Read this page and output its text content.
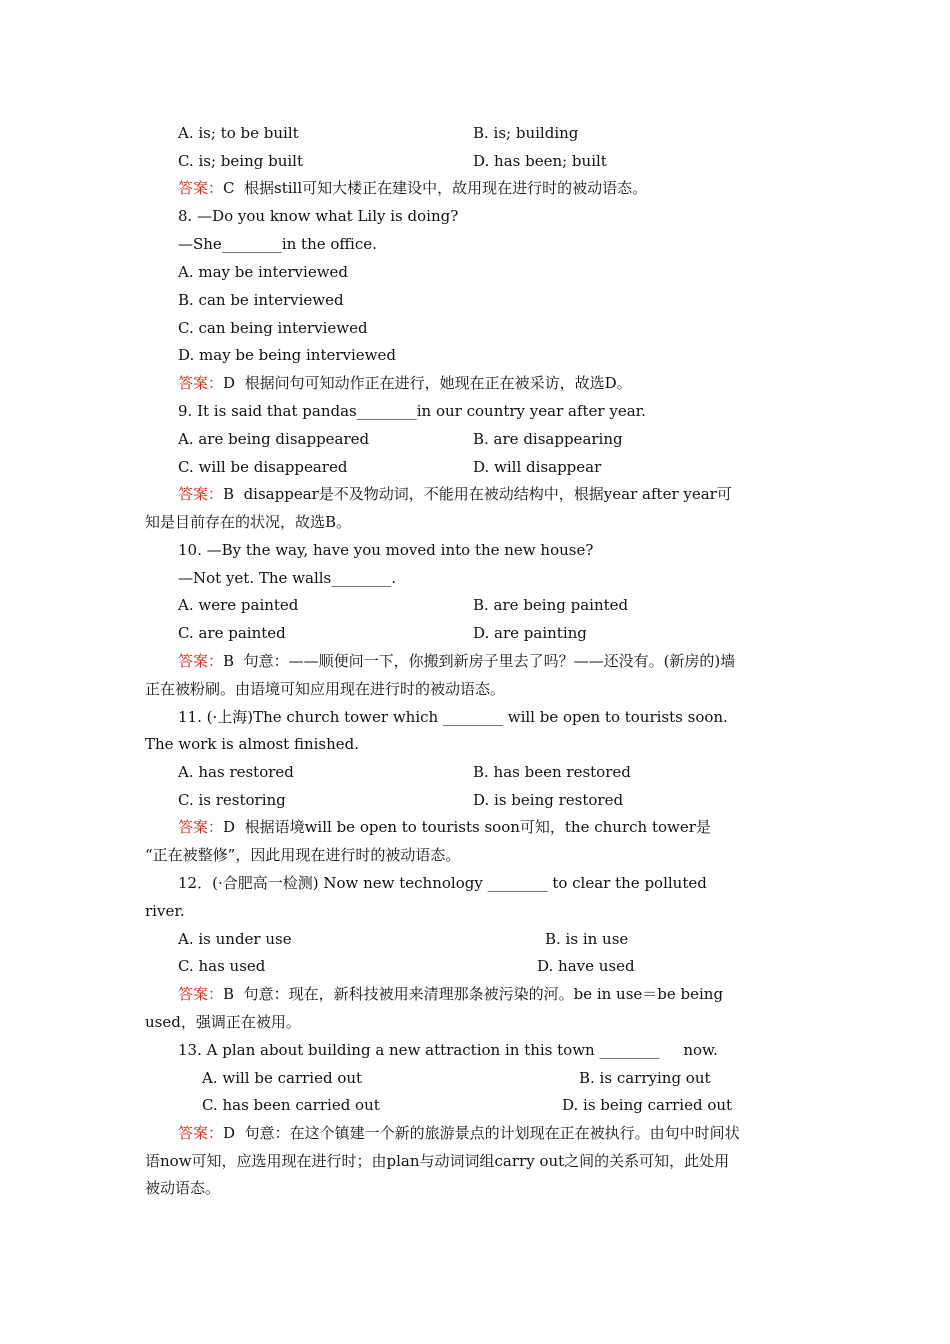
A. is; to be built	B. is; building
C. is; being built	D. has been; built
答案：C  根据still可知大楼正在建设中，故用现在进行时的被动语态。
8. —Do you know what Lily is doing?
—She________in the office.
A. may be interviewed
B. can be interviewed
C. can being interviewed
D. may be being interviewed
答案：D  根据问句可知动作正在进行，她现在正在被采访，故选D。
9. It is said that pandas________in our country year after year.
A. are being disappeared	B. are disappearing
C. will be disappeared	D. will disappear
答案：B  disappear是不及物动词，不能用在被动结构中，根据year after year可
知是目前存在的状况，故选B。
10. —By the way, have you moved into the new house?
—Not yet. The walls________.
A. were painted	B. are being painted
C. are painted	D. are painting
答案：B  句意：——顺便问一下，你搬到新房子里去了吗？——还没有。(新房的)墙
正在被粉刷。由语境可知应用现在进行时的被动语态。
11. (·上海)The church tower which ________ will be open to tourists soon.
The work is almost finished.
A. has restored	B. has been restored
C. is restoring	D. is being restored
答案：D  根据语境will be open to tourists soon可知，the church tower是
“正在被整修”，因此用现在进行时的被动语态。
12．(·合肥高一检测) Now new technology ________ to clear the polluted
river.
A. is under use	B. is in use
C. has used	D. have used
答案：B  句意：现在，新科技被用来清理那条被污染的河。be in use＝be being
used，强调正在被用。
13. A plan about building a new attraction in this town ________     now.
A. will be carried out	B. is carrying out
C. has been carried out	D. is being carried out
答案：D  句意：在这个镇建一个新的旅游景点的计划现在正在被执行。由句中时间状
语now可知，应选用现在进行时；由plan与动词词组carry out之间的关系可知，此处用
被动语态。
